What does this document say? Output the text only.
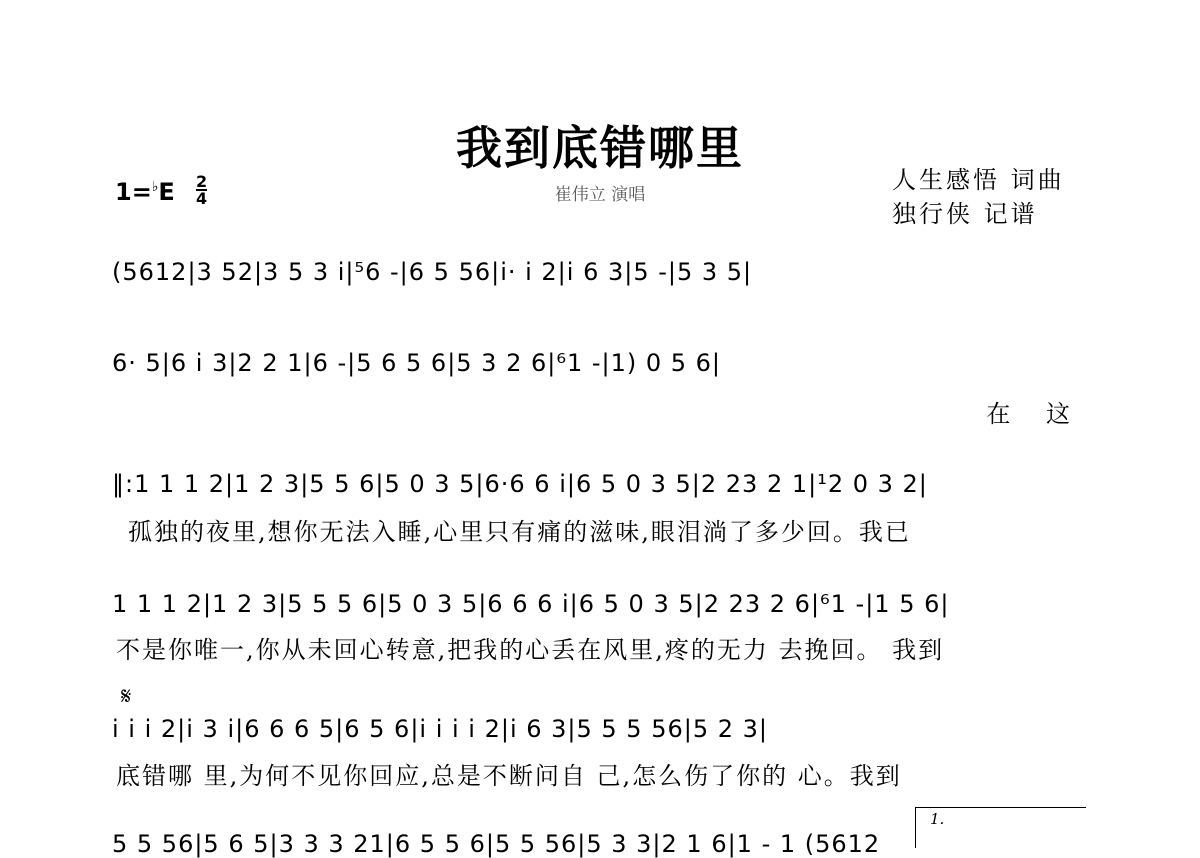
我到底错哪里
崔伟立 演唱
人生感悟 词曲
独行侠 记谱
1=♭E 2
4
(5612|3 52|3 5 3 i|⁵6 -|6 5 56|i· i 2|i 6 3|5 -|5 3 5|
6· 5|6 i 3|2 2 1|6 -|5 6 5 6|5 3 2 6|⁶1 -|1) 0 5 6|
在 这
‖:1 1 1 2|1 2 3|5 5 6|5 0 3 5|6·6 6 i|6 5 0 3 5|2 23 2 1|¹2 0 3 2|
孤独的夜里,想你无法入睡,心里只有痛的滋味,眼泪淌了多少回。我已
1 1 1 2|1 2 3|5 5 5 6|5 0 3 5|6 6 6 i|6 5 0 3 5|2 23 2 6|⁶1 -|1 5 6|
不是你唯一,你从未回心转意,把我的心丢在风里,疼的无力 去挽回。 我到
𝄋
i i i 2|i 3 i|6 6 6 5|6 5 6|i i i i 2|i 6 3|5 5 5 56|5 2 3|
底错哪 里,为何不见你回应,总是不断问自 己,怎么伤了你的 心。我到
1.
5 5 56|5 6 5|3 3 3 21|6 5 5 6|5 5 56|5 3 3|2 1 6|1 - 1 (5612
